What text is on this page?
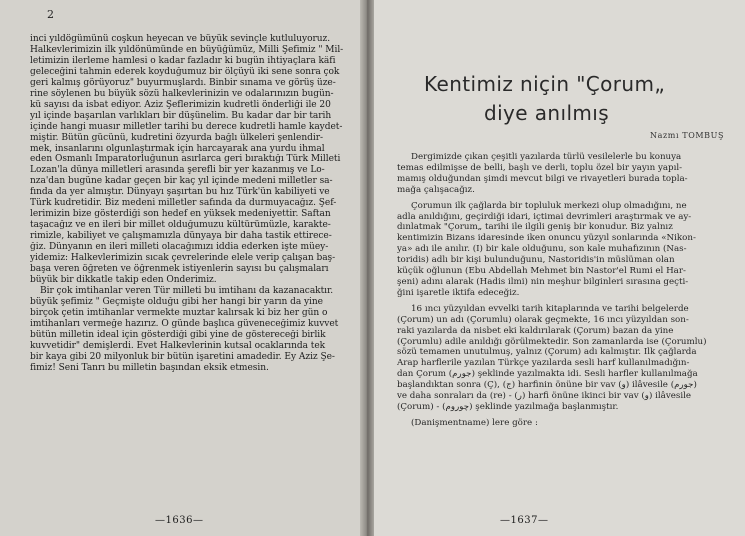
2
inci yıldögümünü coşkun heyecan ve büyük sevinçle kutluluyoruz.
Halkevlerimizin ilk yıldönümünde en büyüğümüz, Milli Şefimiz " Mil-
letimizin ilerleme hamlesi o kadar fazladır ki bugün ihtiyaçlara kâfi
geleceğini tahmin ederek koyduğumuz bir ölçüyü iki sene sonra çok
geri kalmış görüyoruz" buyurmuşlardı. Binbir sınama ve görüş üze-
rine söylenen bu büyük sözü halkevlerinizin ve odalarınızın bugün-
kü sayısı da isbat ediyor. Aziz Şeflerimizin kudretli önderliği ile 20
yıl içinde başarılan varlıkları bir düşünelim. Bu kadar dar bir tarih
içinde hangi muasır milletler tarihi bu derece kudretli hamle kaydet-
miştir. Bütün gücünü, kudretini özyurda bağlı ülkeleri şenlendir-
mek, insanlarını olgunlaştırmak için harcayarak ana yurdu ihmal
eden Osmanlı İmparatorluğunun asırlarca geri bıraktığı Türk Milleti
Lozan'la dünya milletleri arasında şerefli bir yer kazanmış ve Lo-
nza'dan bugüne kadar geçen bir kaç yıl içinde medeni milletler sa-
fında da yer almıştır. Dünyayı şaşırtan bu hız Türk'ün kabiliyeti ve
Türk kudretidir. Biz medeni milletler safında da durmuyacağız. Şef-
lerimizin bize gösterdiği son hedef en yüksek medeniyettir. Saftan
taşacağız ve en ileri bir millet olduğumuzu kültürümüzle, karakte-
rimizle, kabiliyet ve çalışmamızla dünyaya bir daha tastik ettirece-
ğiz. Dünyanın en ileri milleti olacağımızı iddia ederken işte müey-
yidemiz: Halkevlerimizin sıcak çevrelerinde elele verip çalışan baş-
başa veren öğreten ve öğrenmek istiyenlerin sayısı bu çalışmaları
büyük bir dikkatle takip eden Önderimiz.
Bir çok imtihanlar veren Tür milleti bu imtihanı da kazanacaktır.
büyük şefimiz " Geçmişte olduğu gibi her hangi bir yarın da yine
birçok çetin imtihanlar vermekte muztar kalırsak ki biz her gün o
imtihanları vermeğe hazırız. O günde başlıca güveneceğimiz kuvvet
bütün milletin ideal için gösterdiği gibi yine de göstereceği birlik
kuvvetidir" demişlerdi. Evet Halkevlerinin kutsal ocaklarında tek
bir kaya gibi 20 milyonluk bir bütün işaretini amadedir. Ey Aziz Şe-
fimiz! Seni Tanrı bu milletin başından eksik etmesin.
—1636—
Kentimiz niçin "Çorum„
diye anılmış
Nazmı TOMBUŞ
Dergimizde çıkan çeşitli yazılarda türlü vesilelerle bu konuya
temas edilmişse de belli, başlı ve derli, toplu özel bir yayın yapıl-
mamış olduğundan şimdi mevcut bilgi ve rivayetleri burada topla-
mağa çalışacağız.
Çorumun ilk çağlarda bir topluluk merkezi olup olmadığını, ne
adla anıldığını, geçirdiği idari, içtimai devrimleri araştırmak ve ay-
dınlatmak "Çorum„ tarihi ile ilgili geniş bir konudur. Biz yalnız
kentimizin Bizans idaresinde iken onuncu yüzyıl sonlarında «Nikon-
ya» adı ile anılır. (I) bir kale olduğunu, son kale muhafızının (Nas-
toridis) adlı bir kişi bulunduğunu, Nastoridis'in müslüman olan
küçük oğlunun (Ebu Abdellah Mehmet bin Nastor'el Rumi el Har-
şeni) adını alarak (Hadis ilmi) nin meşhur bilginleri sırasına geçti-
ğini işaretle iktifa edeceğiz.
16 ıncı yüzyıldan evvelki tarih kitaplarında ve tarihi belgelerde
(Çorum) un adı (Çorumlu) olarak geçmekte, 16 ıncı yüzyıldan son-
raki yazılarda da nisbet eki kaldırılarak (Çorum) bazan da yine
(Çorumlu) adile anıldığı görülmektedir. Son zamanlarda ise (Çorumlu)
sözü temamen unutulmuş, yalnız (Çorum) adı kalmıştır. İlk çağlarda
Arap harflerile yazılan Türkçe yazılarda sesli harf kullanılmadığın-
dan Çorum (جورم) şeklinde yazılmakta idi. Sesli harfler kullanılmağa
başlandıktan sonra (Ç), (ج) harfinin önüne bir vav (و) ilâvesile (جورم)
ve daha sonraları da (re) - (ر) harfi önüne ikinci bir vav (و) ilâvesile
(Çorum) - (چوروم) şeklinde yazılmağa başlanmıştır.
(Danişmentname) lere göre :
—1637—
